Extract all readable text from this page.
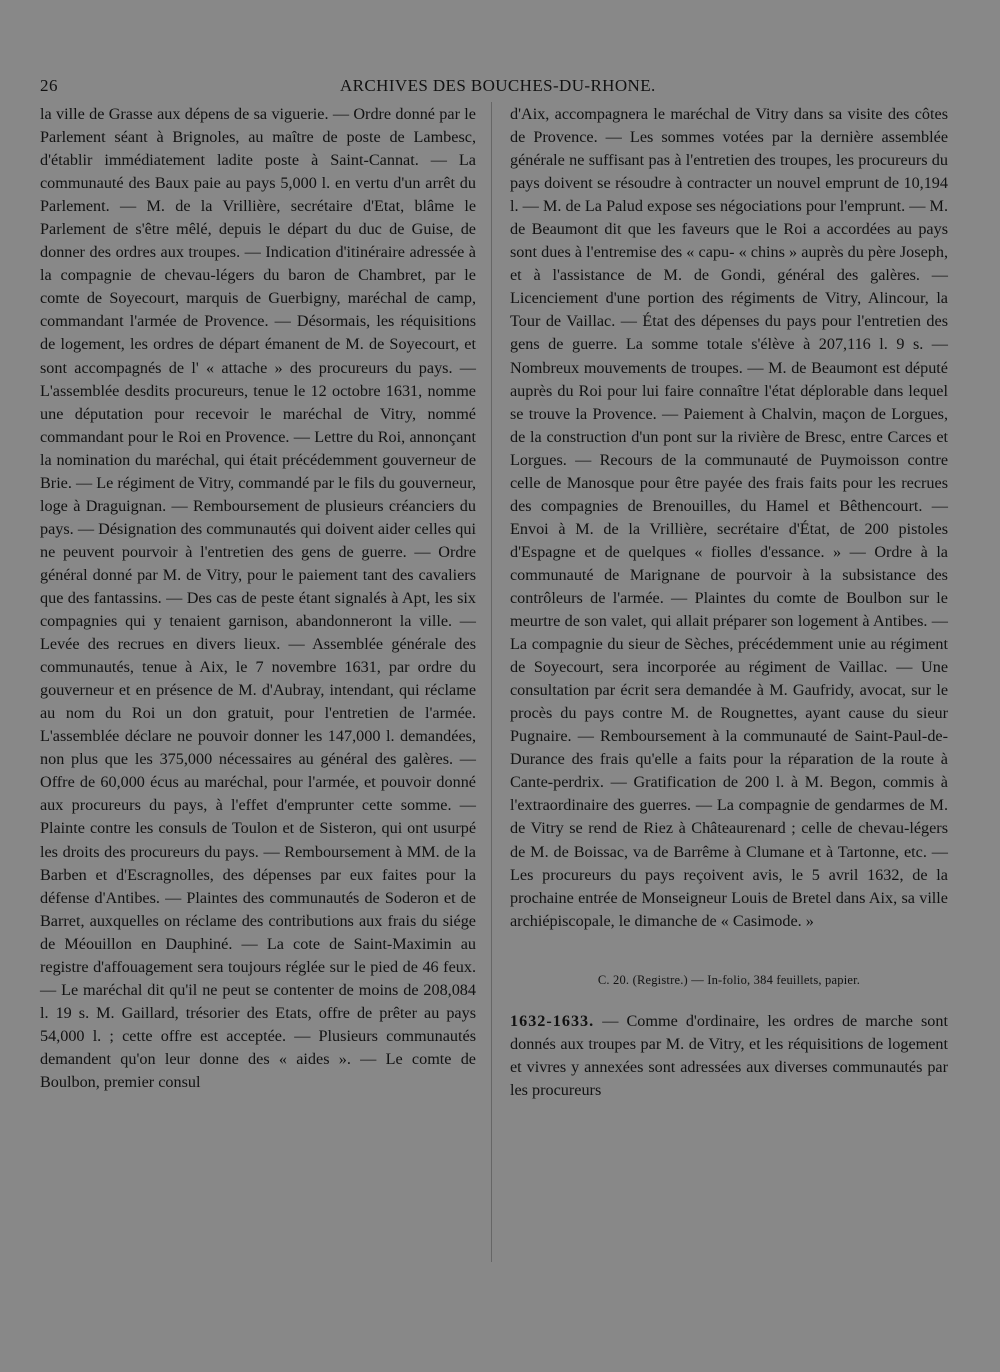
26	ARCHIVES DES BOUCHES-DU-RHONE.

la ville de Grasse aux dépens de sa viguerie. — Ordre donné par le Parlement séant à Brignoles, au maître de poste de Lambesc, d'établir immédiatement ladite poste à Saint-Cannat. — La communauté des Baux paie au pays 5,000 l. en vertu d'un arrêt du Parlement. — M. de la Vrillière, secrétaire d'Etat, blâme le Parlement de s'être mêlé, depuis le départ du duc de Guise, de donner des ordres aux troupes. — Indication d'itinéraire adressée à la compagnie de chevau-légers du baron de Chambret, par le comte de Soyecourt, marquis de Guerbigny, maréchal de camp, commandant l'armée de Provence. — Désormais, les réquisitions de logement, les ordres de départ émanent de M. de Soyecourt, et sont accompagnés de l' « attache » des procureurs du pays. — L'assemblée desdits procureurs, tenue le 12 octobre 1631, nomme une députation pour recevoir le maréchal de Vitry, nommé commandant pour le Roi en Provence. — Lettre du Roi, annonçant la nomination du maréchal, qui était précédemment gouverneur de Brie. — Le régiment de Vitry, commandé par le fils du gouverneur, loge à Draguignan. — Remboursement de plusieurs créanciers du pays. — Désignation des communautés qui doivent aider celles qui ne peuvent pourvoir à l'entretien des gens de guerre. — Ordre général donné par M. de Vitry, pour le paiement tant des cavaliers que des fantassins. — Des cas de peste étant signalés à Apt, les six compagnies qui y tenaient garnison, abandonneront la ville. — Levée des recrues en divers lieux. — Assemblée générale des communautés, tenue à Aix, le 7 novembre 1631, par ordre du gouverneur et en présence de M. d'Aubray, intendant, qui réclame au nom du Roi un don gratuit, pour l'entretien de l'armée. L'assemblée déclare ne pouvoir donner les 147,000 l. demandées, non plus que les 375,000 nécessaires au général des galères. — Offre de 60,000 écus au maréchal, pour l'armée, et pouvoir donné aux procureurs du pays, à l'effet d'emprunter cette somme. — Plainte contre les consuls de Toulon et de Sisteron, qui ont usurpé les droits des procureurs du pays. — Remboursement à MM. de la Barben et d'Escragnolles, des dépenses par eux faites pour la défense d'Antibes. — Plaintes des communautés de Soderon et de Barret, auxquelles on réclame des contributions aux frais du siége de Méouillon en Dauphiné. — La cote de Saint-Maximin au registre d'affouagement sera toujours réglée sur le pied de 46 feux. — Le maréchal dit qu'il ne peut se contenter de moins de 208,084 l. 19 s. M. Gaillard, trésorier des Etats, offre de prêter au pays 54,000 l. ; cette offre est acceptée. — Plusieurs communautés demandent qu'on leur donne des « aides ». — Le comte de Boulbon, premier consul

d'Aix, accompagnera le maréchal de Vitry dans sa visite des côtes de Provence. — Les sommes votées par la dernière assemblée générale ne suffisant pas à l'entretien des troupes, les procureurs du pays doivent se résoudre à contracter un nouvel emprunt de 10,194 l. — M. de La Palud expose ses négociations pour l'emprunt. — M. de Beaumont dit que les faveurs que le Roi a accordées au pays sont dues à l'entremise des « capu- « chins » auprès du père Joseph, et à l'assistance de M. de Gondi, général des galères. — Licenciement d'une portion des régiments de Vitry, Alincour, la Tour de Vaillac. — État des dépenses du pays pour l'entretien des gens de guerre. La somme totale s'élève à 207,116 l. 9 s. — Nombreux mouvements de troupes. — M. de Beaumont est député auprès du Roi pour lui faire connaître l'état déplorable dans lequel se trouve la Provence. — Paiement à Chalvin, maçon de Lorgues, de la construction d'un pont sur la rivière de Bresc, entre Carces et Lorgues. — Recours de la communauté de Puymoisson contre celle de Manosque pour être payée des frais faits pour les recrues des compagnies de Brenouilles, du Hamel et Bêthencourt. — Envoi à M. de la Vrillière, secrétaire d'État, de 200 pistoles d'Espagne et de quelques « fiolles d'essance. » — Ordre à la communauté de Marignane de pourvoir à la subsistance des contrôleurs de l'armée. — Plaintes du comte de Boulbon sur le meurtre de son valet, qui allait préparer son logement à Antibes. — La compagnie du sieur de Sèches, précédemment unie au régiment de Soyecourt, sera incorporée au régiment de Vaillac. — Une consultation par écrit sera demandée à M. Gaufridy, avocat, sur le procès du pays contre M. de Rougnettes, ayant cause du sieur Pugnaire. — Remboursement à la communauté de Saint-Paul-de-Durance des frais qu'elle a faits pour la réparation de la route à Cante-perdrix. — Gratification de 200 l. à M. Begon, commis à l'extraordinaire des guerres. — La compagnie de gendarmes de M. de Vitry se rend de Riez à Châteaurenard ; celle de chevau-légers de M. de Boissac, va de Barrême à Clumane et à Tartonne, etc. — Les procureurs du pays reçoivent avis, le 5 avril 1632, de la prochaine entrée de Monseigneur Louis de Bretel dans Aix, sa ville archiépiscopale, le dimanche de « Casimode. »

C. 20. (Registre.) — In-folio, 384 feuillets, papier.

1632-1633. — Comme d'ordinaire, les ordres de marche sont donnés aux troupes par M. de Vitry, et les réquisitions de logement et vivres y annexées sont adressées aux diverses communautés par les procureurs
